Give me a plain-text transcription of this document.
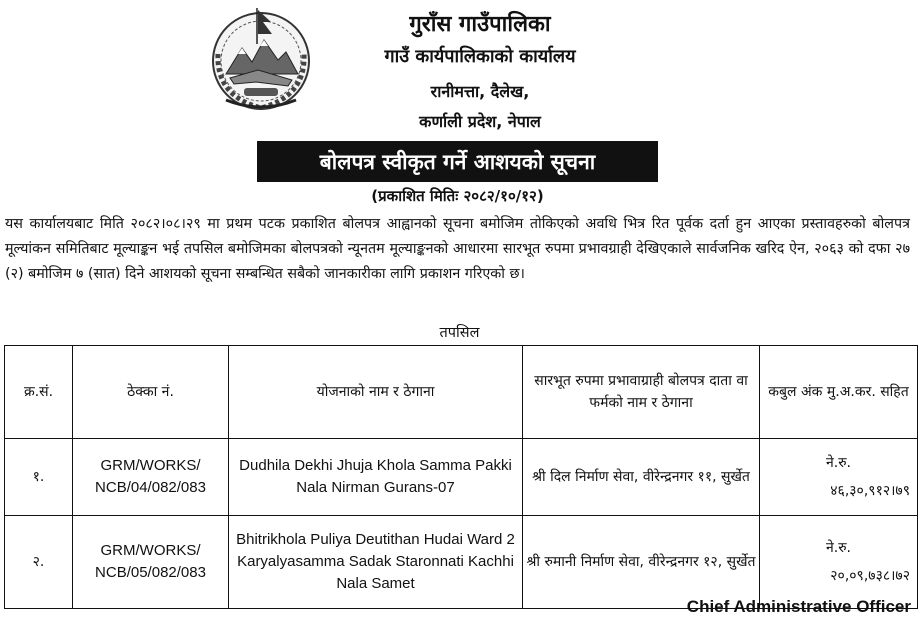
गुराँस गाउँपालिका
गाउँ कार्यपालिकाको कार्यालय
रानीमत्ता, दैलेख,
कर्णाली प्रदेश, नेपाल
बोलपत्र स्वीकृत गर्ने आशयको सूचना
(प्रकाशित मितिः २०८२/१०/१२)

यस कार्यालयबाट मिति २०८२।०८।२९ मा प्रथम पटक प्रकाशित बोलपत्र आह्वानको सूचना बमोजिम तोकिएको अवधि भित्र रित पूर्वक दर्ता हुन आएका प्रस्तावहरुको बोलपत्र मूल्यांकन समितिबाट मूल्याङ्कन भई तपसिल बमोजिमका बोलपत्रको न्यूनतम मूल्याङ्कनको आधारमा सारभूत रुपमा प्रभावग्राही देखिएकाले सार्वजनिक खरिद ऐन, २०६३ को दफा २७ (२) बमोजिम ७ (सात) दिने आशयको सूचना सम्बन्धित सबैको जानकारीका लागि प्रकाशन गरिएको छ।

तपसिल
क्र.सं.	ठेक्का नं.	योजनाको नाम र ठेगाना	सारभूत रुपमा प्रभावाग्राही बोलपत्र दाता वा फर्मको नाम र ठेगाना	कबुल अंक मु.अ.कर. सहित
१.	GRM/WORKS/ NCB/04/082/083	Dudhila Dekhi Jhuja Khola Samma Pakki Nala Nirman Gurans-07	श्री दिल निर्माण सेवा, वीरेन्द्रनगर ११, सुर्खेत	ने.रु.
४६,३०,९१२।७९

२.	GRM/WORKS/ NCB/05/082/083	Bhitrikhola Puliya Deutithan Hudai Ward 2 Karyalyasamma Sadak Staronnati Kachhi Nala Samet	श्री रुमानी निर्माण सेवा, वीरेन्द्रनगर १२, सुर्खेत	ने.रु.
२०,०९,७३८।७२
Chief Administrative Officer
